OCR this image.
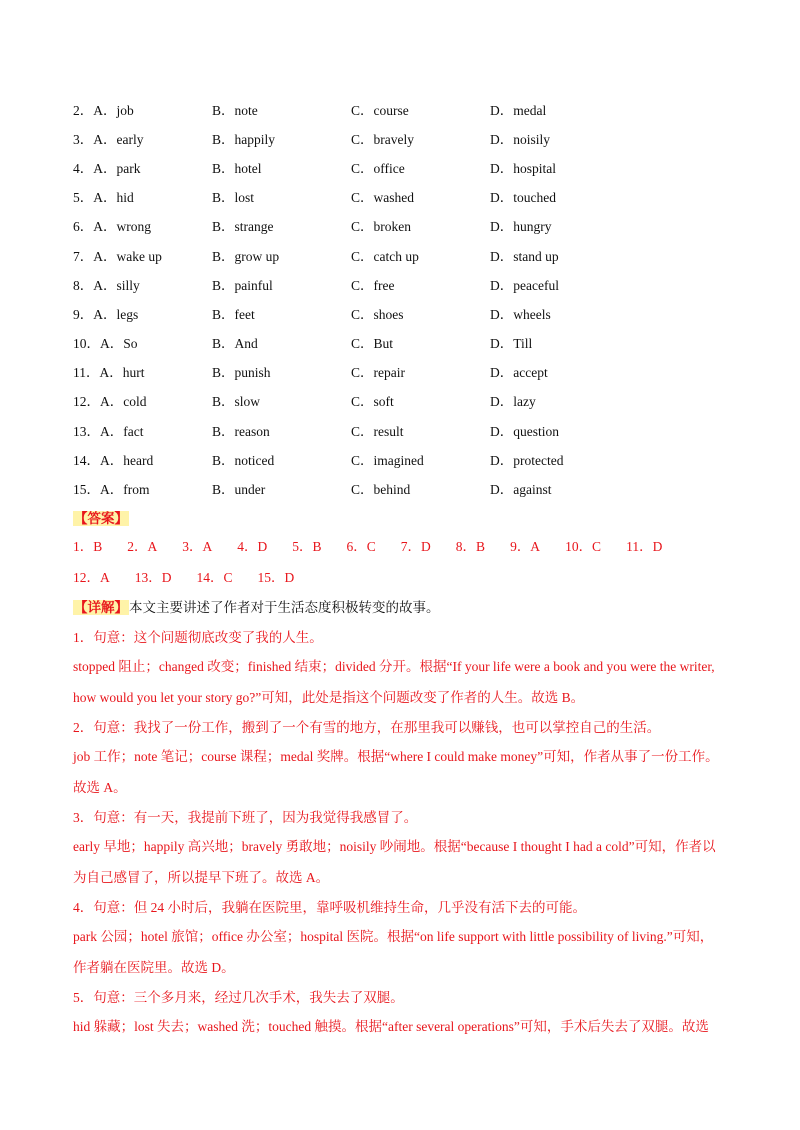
2．A．job	B．note	C．course	D．medal
3．A．early	B．happily	C．bravely	D．noisily
4．A．park	B．hotel	C．office	D．hospital
5．A．hid	B．lost	C．washed	D．touched
6．A．wrong	B．strange	C．broken	D．hungry
7．A．wake up	B．grow up	C．catch up	D．stand up
8．A．silly	B．painful	C．free	D．peaceful
9．A．legs	B．feet	C．shoes	D．wheels
10．A．So	B．And	C．But	D．Till
11．A．hurt	B．punish	C．repair	D．accept
12．A．cold	B．slow	C．soft	D．lazy
13．A．fact	B．reason	C．result	D．question
14．A．heard	B．noticed	C．imagined	D．protected
15．A．from	B．under	C．behind	D．against
【答案】
1．B 2．A 3．A 4．D 5．B 6．C 7．D 8．B 9．A 10．C 11．D
12．A 13．D 14．C 15．D
【详解】本文主要讲述了作者对于生活态度积极转变的故事。
1．句意：这个问题彻底改变了我的人生。
stopped 阻止；changed 改变；finished 结束；divided 分开。根据“If your life were a book and you were the writer,
how would you let your story go?”可知，此处是指这个问题改变了作者的人生。故选 B。
2．句意：我找了一份工作，搬到了一个有雪的地方，在那里我可以赚钱，也可以掌控自己的生活。
job 工作；note 笔记；course 课程；medal 奖牌。根据“where I could make money”可知，作者从事了一份工作。
故选 A。
3．句意：有一天，我提前下班了，因为我觉得我感冒了。
early 早地；happily 高兴地；bravely 勇敢地；noisily 吵闹地。根据“because I thought I had a cold”可知，作者以
为自己感冒了，所以提早下班了。故选 A。
4．句意：但 24 小时后，我躺在医院里，靠呼吸机维持生命，几乎没有活下去的可能。
park 公园；hotel 旅馆；office 办公室；hospital 医院。根据“on life support with little possibility of living.”可知，
作者躺在医院里。故选 D。
5．句意：三个多月来，经过几次手术，我失去了双腿。
hid 躲藏；lost 失去；washed 洗；touched 触摸。根据“after several operations”可知，手术后失去了双腿。故选
